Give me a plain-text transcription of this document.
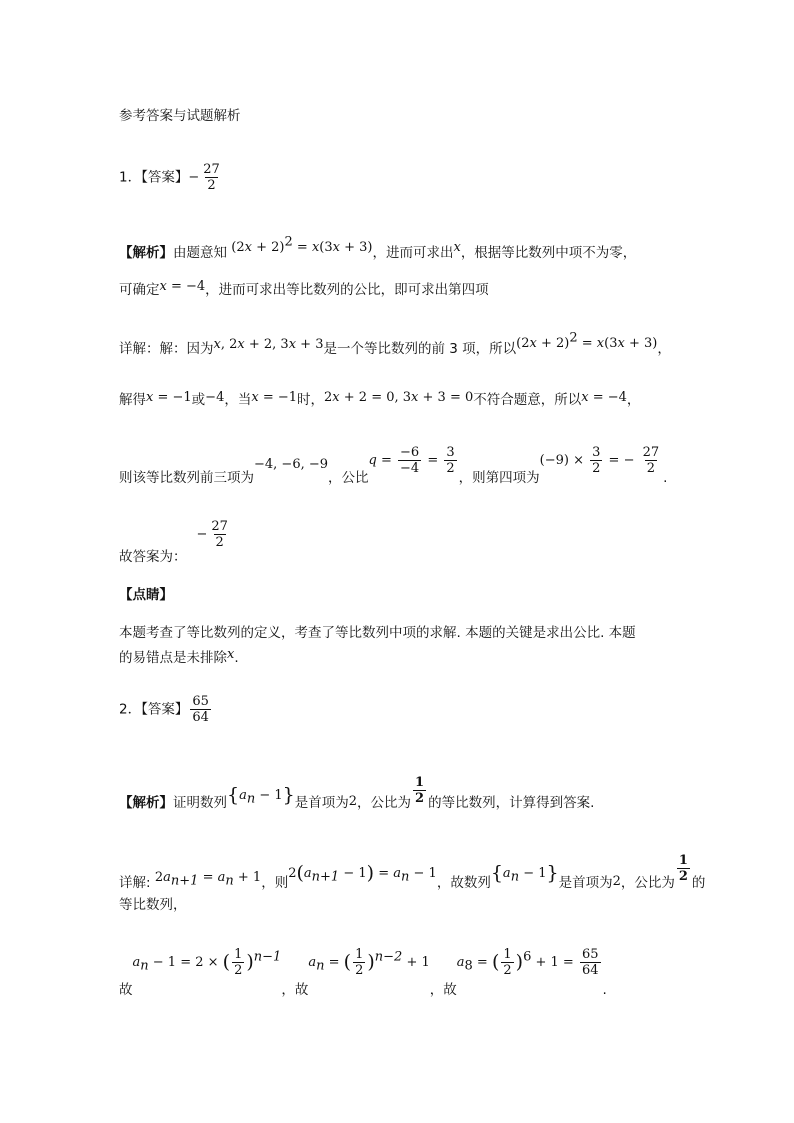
参考答案与试题解析
1．【答案】− $\frac{27}{2}$
【解析】由题意知 $(2x + 2)^2 = x(3x + 3)$，进而可求出x，根据等比数列中项不为零，
可确定x = −4，进而可求出等比数列的公比，即可求出第四项
详解：解：因为x, 2x + 2, 3x + 3是一个等比数列的前 3 项，所以$(2x + 2)^2 = x(3x + 3)$，
解得x = −1或−4，当x = −1时，2x + 2 = 0, 3x + 3 = 0不符合题意，所以x = −4，
则该等比数列前三项为−4, −6, −9，公比$q = \frac{-6}{-4} = \frac{3}{2}$
，则第四项为$(-9) \times \frac{3}{2}$ = − $\frac{27}{2}$
.
故答案为：− $\frac{27}{2}$
【点睛】
本题考查了等比数列的定义，考查了等比数列中项的求解. 本题的关键是求出公比. 本题
的易错点是未排除x.
2．【答案】 $\frac{65}{64}$
【解析】证明数列$\{a_n - 1\}$是首项为2，公比为 $\frac{1}{2}$ 的等比数列，计算得到答案.
详解: $2a_{n+1} = a_n + 1$，则$2(a_{n+1} - 1) = a_n - 1$，故数列$\{a_n - 1\}$是首项为2，公比为 $\frac{1}{2}$ 的
等比数列，
故$a_n - 1 = 2$ × ( $\frac{1}{2} )^{n-1}$，故$a_n$ = ( $\frac{1}{2} )^{n-2} + 1$，故$a_8$ = ( $\frac{1}{2} )^6 + 1 = \frac{65}{64}$
.
